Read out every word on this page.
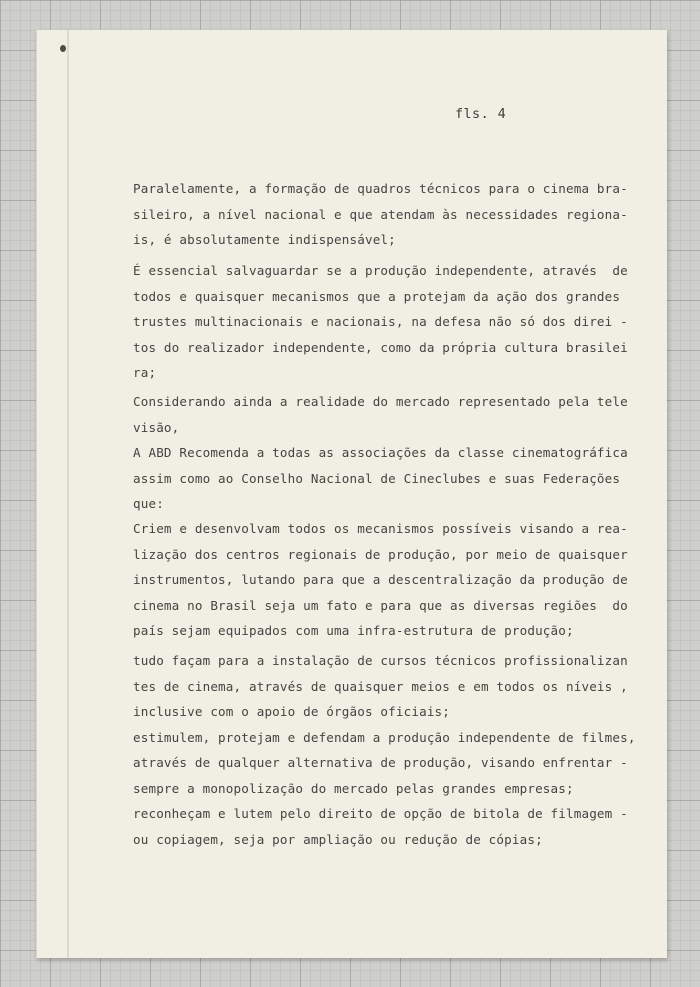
fls. 4
Paralelamente, a formação de quadros técnicos para o cinema bra-
sileiro, a nível nacional e que atendam às necessidades regiona-
is, é absolutamente indispensável;
É essencial salvaguardar se a produção independente, através  de
todos e quaisquer mecanismos que a protejam da ação dos grandes
trustes multinacionais e nacionais, na defesa não só dos direi -
tos do realizador independente, como da própria cultura brasilei
ra;
Considerando ainda a realidade do mercado representado pela tele
visão,
A ABD Recomenda a todas as associações da classe cinematográfica
assim como ao Conselho Nacional de Cineclubes e suas Federações
que:
Criem e desenvolvam todos os mecanismos possíveis visando a rea-
lização dos centros regionais de produção, por meio de quaisquer
instrumentos, lutando para que a descentralização da produção de
cinema no Brasil seja um fato e para que as diversas regiões  do
país sejam equipados com uma infra-estrutura de produção;
tudo façam para a instalação de cursos técnicos profissionalizan
tes de cinema, através de quaisquer meios e em todos os níveis ,
inclusive com o apoio de órgãos oficiais;
estimulem, protejam e defendam a produção independente de filmes,
através de qualquer alternativa de produção, visando enfrentar -
sempre a monopolização do mercado pelas grandes empresas;
reconheçam e lutem pelo direito de opção de bitola de filmagem -
ou copiagem, seja por ampliação ou redução de cópias;
